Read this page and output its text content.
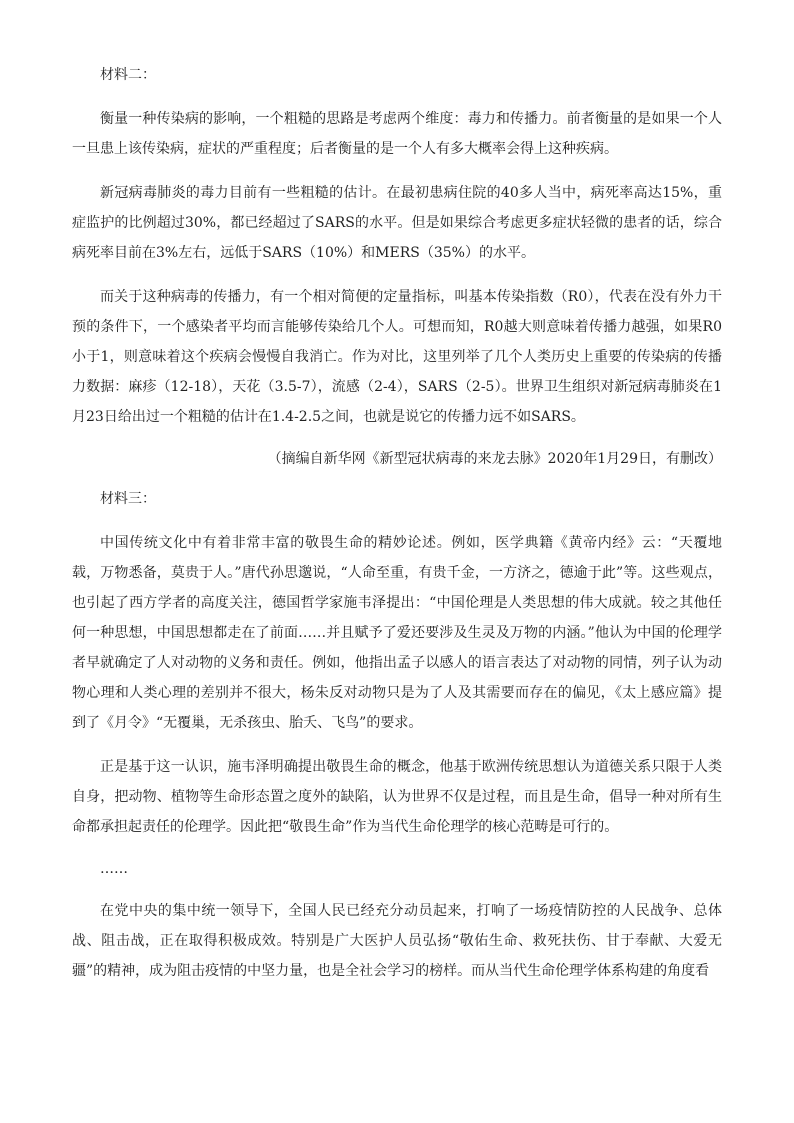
材料二：

衡量一种传染病的影响，一个粗糙的思路是考虑两个维度：毒力和传播力。前者衡量的是如果一个人一旦患上该传染病，症状的严重程度；后者衡量的是一个人有多大概率会得上这种疾病。

新冠病毒肺炎的毒力目前有一些粗糙的估计。在最初患病住院的40多人当中，病死率高达15%，重症监护的比例超过30%，都已经超过了SARS的水平。但是如果综合考虑更多症状轻微的患者的话，综合病死率目前在3%左右，远低于SARS（10%）和MERS（35%）的水平。

而关于这种病毒的传播力，有一个相对简便的定量指标，叫基本传染指数（R0），代表在没有外力干预的条件下，一个感染者平均而言能够传染给几个人。可想而知，R0越大则意味着传播力越强，如果R0小于1，则意味着这个疾病会慢慢自我消亡。作为对比，这里列举了几个人类历史上重要的传染病的传播力数据：麻疹（12-18），天花（3.5-7），流感（2-4），SARS（2-5）。世界卫生组织对新冠病毒肺炎在1月23日给出过一个粗糙的估计在1.4-2.5之间，也就是说它的传播力远不如SARS。

（摘编自新华网《新型冠状病毒的来龙去脉》2020年1月29日，有删改）

材料三：

中国传统文化中有着非常丰富的敬畏生命的精妙论述。例如，医学典籍《黄帝内经》云：“天覆地载，万物悉备，莫贵于人。”唐代孙思邈说，“人命至重，有贵千金，一方济之，德逾于此”等。这些观点，也引起了西方学者的高度关注，德国哲学家施韦泽提出：“中国伦理是人类思想的伟大成就。较之其他任何一种思想，中国思想都走在了前面……并且赋予了爱还要涉及生灵及万物的内涵。”他认为中国的伦理学者早就确定了人对动物的义务和责任。例如，他指出孟子以感人的语言表达了对动物的同情，列子认为动物心理和人类心理的差别并不很大，杨朱反对动物只是为了人及其需要而存在的偏见，《太上感应篇》提到了《月令》“无覆巢，无杀孩虫、胎夭、飞鸟”的要求。

正是基于这一认识，施韦泽明确提出敬畏生命的概念，他基于欧洲传统思想认为道德关系只限于人类自身，把动物、植物等生命形态置之度外的缺陷，认为世界不仅是过程，而且是生命，倡导一种对所有生命都承担起责任的伦理学。因此把“敬畏生命”作为当代生命伦理学的核心范畴是可行的。

……

在党中央的集中统一领导下，全国人民已经充分动员起来，打响了一场疫情防控的人民战争、总体战、阻击战，正在取得积极成效。特别是广大医护人员弘扬“敬佑生命、救死扶伤、甘于奉献、大爱无疆”的精神，成为阻击疫情的中坚力量，也是全社会学习的榜样。而从当代生命伦理学体系构建的角度看
